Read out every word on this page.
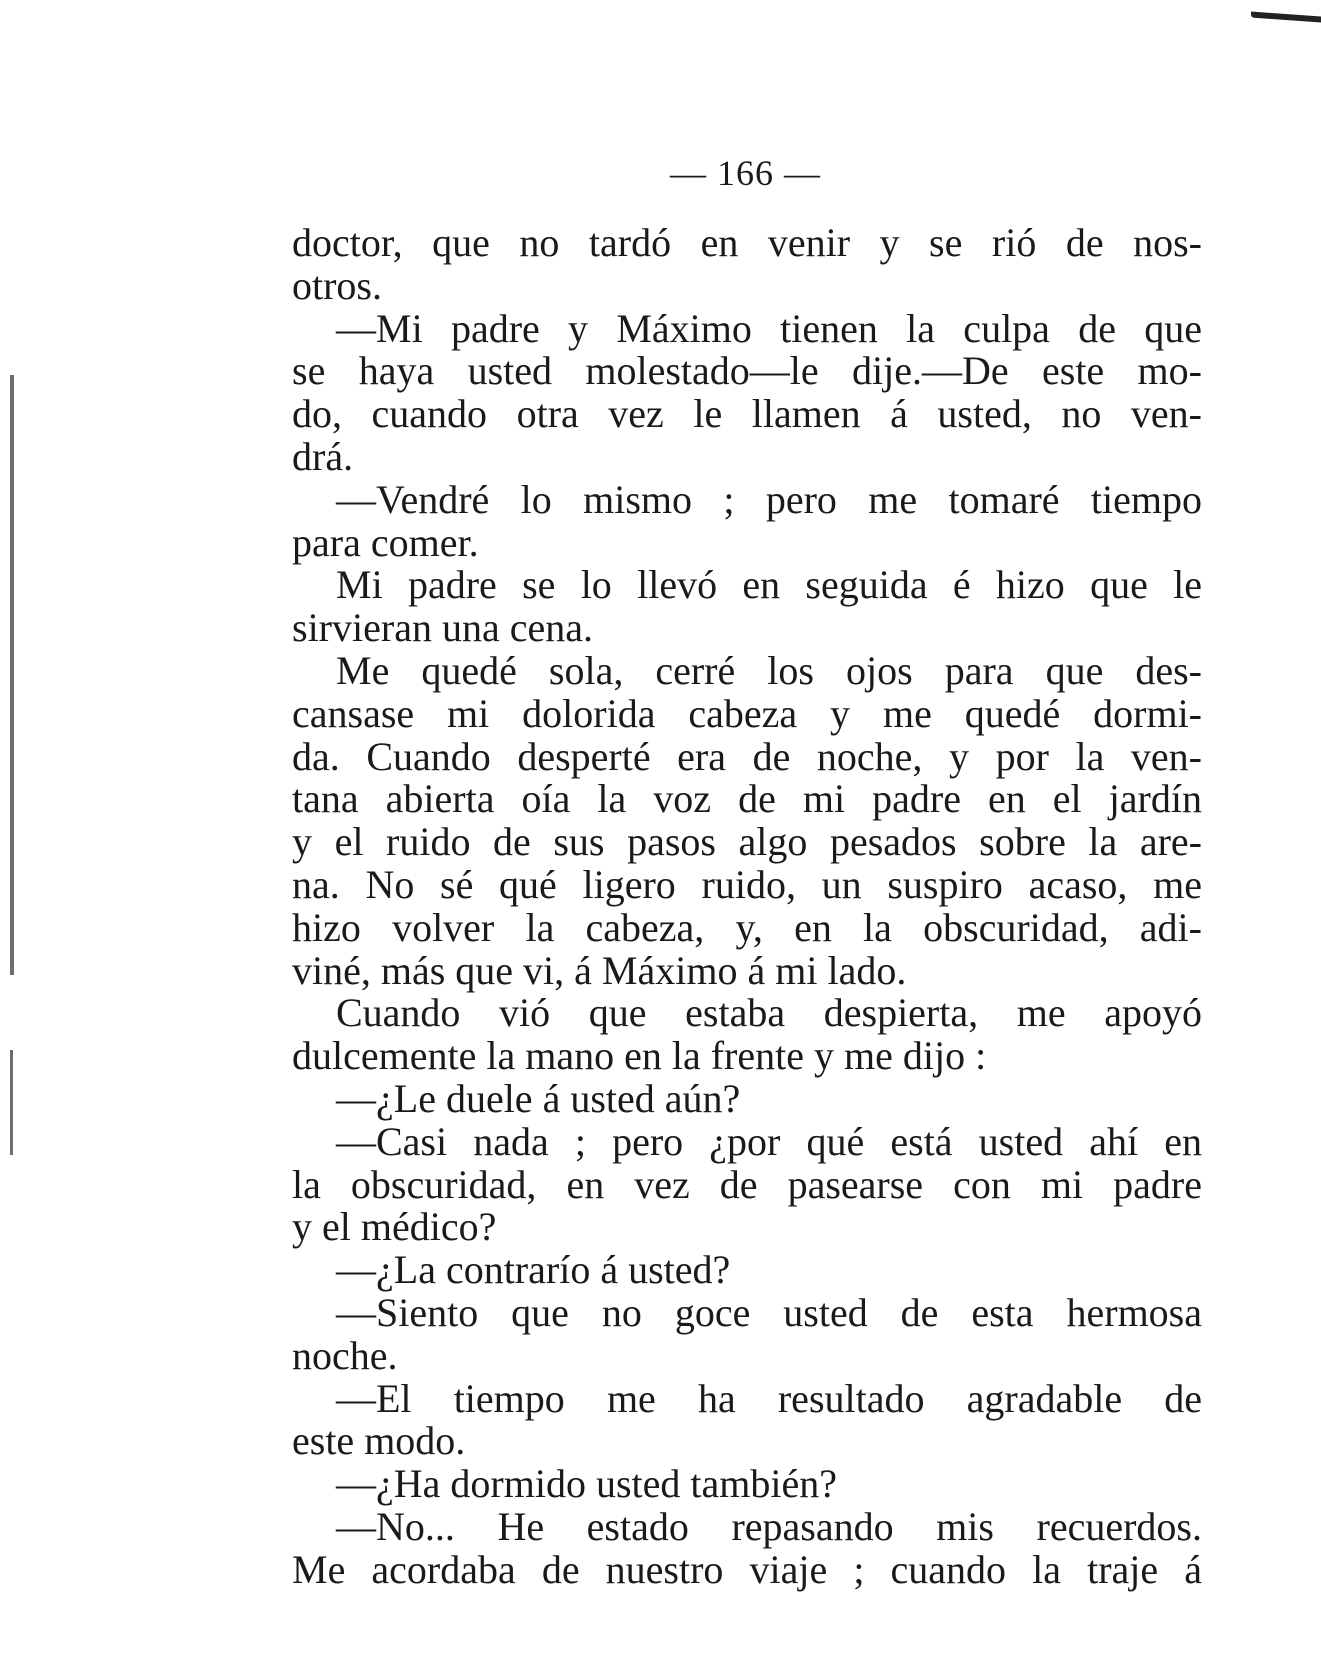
— 166 —
doctor, que no tardó en venir y se rió de nos-
otros.
—Mi padre y Máximo tienen la culpa de que
se haya usted molestado—le dije.—De este mo-
do, cuando otra vez le llamen á usted, no ven-
drá.
—Vendré lo mismo ; pero me tomaré tiempo
para comer.
Mi padre se lo llevó en seguida é hizo que le
sirvieran una cena.
Me quedé sola, cerré los ojos para que des-
cansase mi dolorida cabeza y me quedé dormi-
da. Cuando desperté era de noche, y por la ven-
tana abierta oía la voz de mi padre en el jardín
y el ruido de sus pasos algo pesados sobre la are-
na. No sé qué ligero ruido, un suspiro acaso, me
hizo volver la cabeza, y, en la obscuridad, adi-
viné, más que vi, á Máximo á mi lado.
Cuando vió que estaba despierta, me apoyó
dulcemente la mano en la frente y me dijo :
—¿Le duele á usted aún?
—Casi nada ; pero ¿por qué está usted ahí en
la obscuridad, en vez de pasearse con mi padre
y el médico?
—¿La contrarío á usted?
—Siento que no goce usted de esta hermosa
noche.
—El tiempo me ha resultado agradable de
este modo.
—¿Ha dormido usted también?
—No... He estado repasando mis recuerdos.
Me acordaba de nuestro viaje ; cuando la traje á
